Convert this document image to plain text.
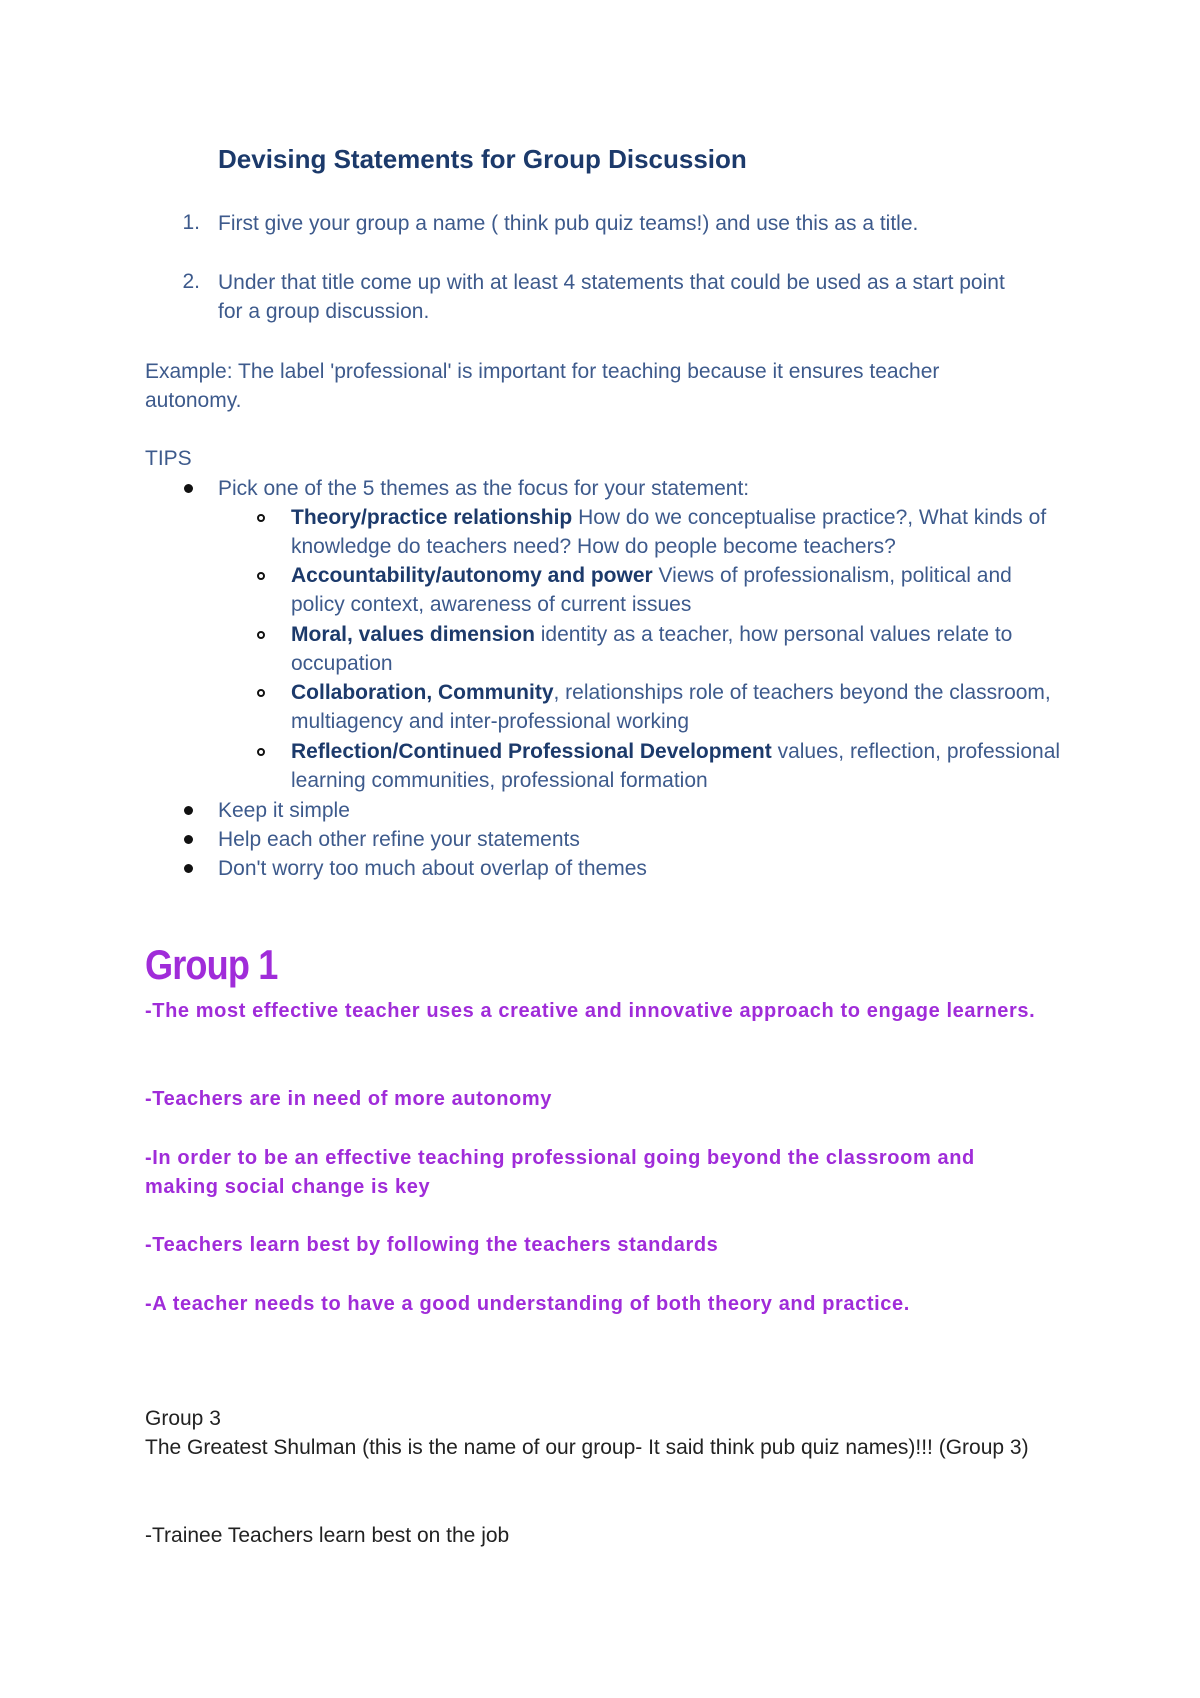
Devising Statements for Group Discussion
1. First give your group a name ( think pub quiz teams!) and use this as a title.
2. Under that title come up with at least 4 statements that could be used as a start point
for a group discussion.
Example: The label 'professional' is important for teaching because it ensures teacher
autonomy.
TIPS
Pick one of the 5 themes as the focus for your statement:
Theory/practice relationship How do we conceptualise practice?, What kinds of knowledge do teachers need? How do people become teachers?
Accountability/autonomy and power Views of professionalism, political and policy context, awareness of current issues
Moral, values dimension identity as a teacher, how personal values relate to occupation
Collaboration, Community, relationships role of teachers beyond the classroom, multiagency and inter-professional working
Reflection/Continued Professional Development values, reflection, professional learning communities, professional formation
Keep it simple
Help each other refine your statements
Don't worry too much about overlap of themes
Group 1
-The most effective teacher uses a creative and innovative approach to engage learners.
-Teachers are in need of more autonomy
-In order to be an effective teaching professional going beyond the classroom and making social change is key
-Teachers learn best by following the teachers standards
-A teacher needs to have a good understanding of both theory and practice.
Group 3
The Greatest Shulman (this is the name of our group- It said think pub quiz names)!!! (Group 3)
-Trainee Teachers learn best on the job
